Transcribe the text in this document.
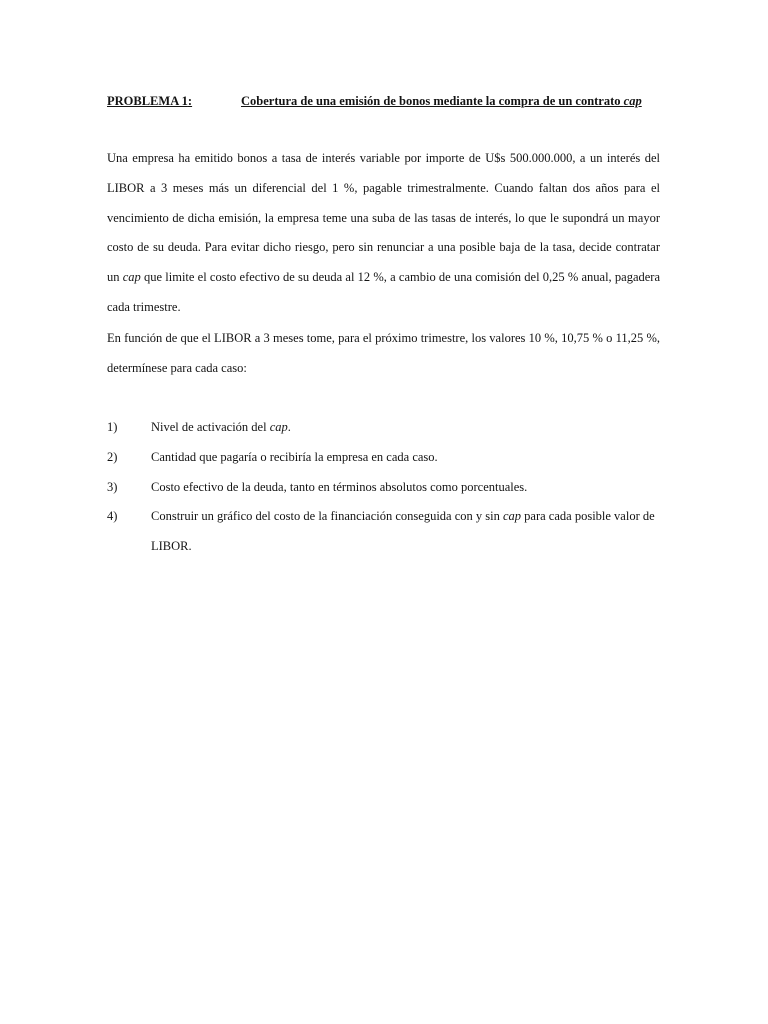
PROBLEMA 1:	Cobertura de una emisión de bonos mediante la compra de un contrato cap

Una empresa ha emitido bonos a tasa de interés variable por importe de U$s 500.000.000, a un interés del LIBOR a 3 meses más un diferencial del 1 %, pagable trimestralmente. Cuando faltan dos años para el vencimiento de dicha emisión, la empresa teme una suba de las tasas de interés, lo que le supondrá un mayor costo de su deuda. Para evitar dicho riesgo, pero sin renunciar a una posible baja de la tasa, decide contratar un cap que limite el costo efectivo de su deuda al 12 %, a cambio de una comisión del 0,25 % anual, pagadera cada trimestre.

En función de que el LIBOR a 3 meses tome, para el próximo trimestre, los valores 10 %, 10,75 % o 11,25 %, determínese para cada caso:

1)	Nivel de activación del cap.
2)	Cantidad que pagaría o recibiría la empresa en cada caso.
3)	Costo efectivo de la deuda, tanto en términos absolutos como porcentuales.
4)	Construir un gráfico del costo de la financiación conseguida con y sin cap para cada posible valor de LIBOR.
